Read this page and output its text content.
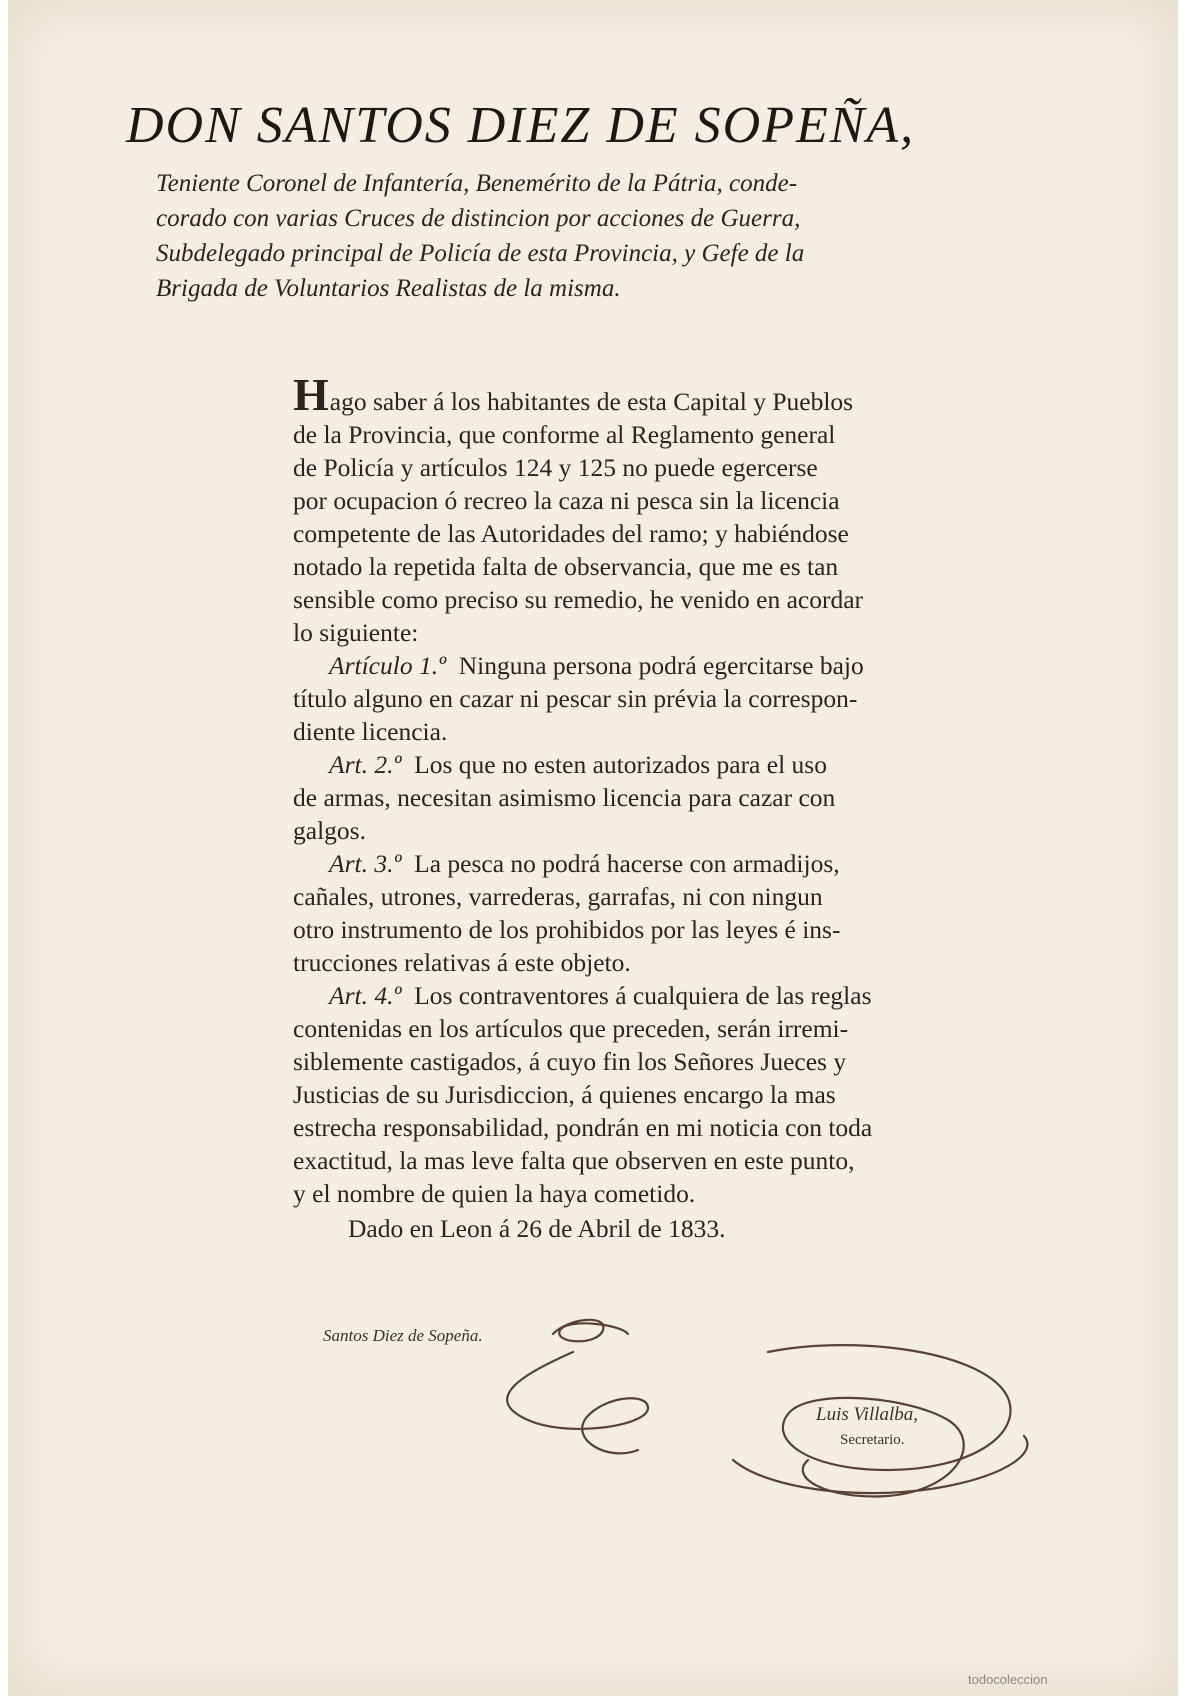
DON SANTOS DIEZ DE SOPEÑA,
Teniente Coronel de Infantería, Benemérito de la Pátria, conde-
corado con varias Cruces de distincion por acciones de Guerra,
Subdelegado principal de Policía de esta Provincia, y Gefe de la
Brigada de Voluntarios Realistas de la misma.
Hago saber á los habitantes de esta Capital y Pueblos
de la Provincia, que conforme al Reglamento general
de Policía y artículos 124 y 125 no puede egercerse
por ocupacion ó recreo la caza ni pesca sin la licencia
competente de las Autoridades del ramo; y habiéndose
notado la repetida falta de observancia, que me es tan
sensible como preciso su remedio, he venido en acordar
lo siguiente:
Artículo 1.º Ninguna persona podrá egercitarse bajo
título alguno en cazar ni pescar sin prévia la correspon-
diente licencia.
Art. 2.º Los que no esten autorizados para el uso
de armas, necesitan asimismo licencia para cazar con
galgos.
Art. 3.º La pesca no podrá hacerse con armadijos,
cañales, utrones, varrederas, garrafas, ni con ningun
otro instrumento de los prohibidos por las leyes é ins-
trucciones relativas á este objeto.
Art. 4.º Los contraventores á cualquiera de las reglas
contenidas en los artículos que preceden, serán irremi-
siblemente castigados, á cuyo fin los Señores Jueces y
Justicias de su Jurisdiccion, á quienes encargo la mas
estrecha responsabilidad, pondrán en mi noticia con toda
exactitud, la mas leve falta que observen en este punto,
y el nombre de quien la haya cometido.
Dado en Leon á 26 de Abril de 1833.
Santos Diez de Sopeña.
Luis Villalba,
Secretario.
todocoleccion
